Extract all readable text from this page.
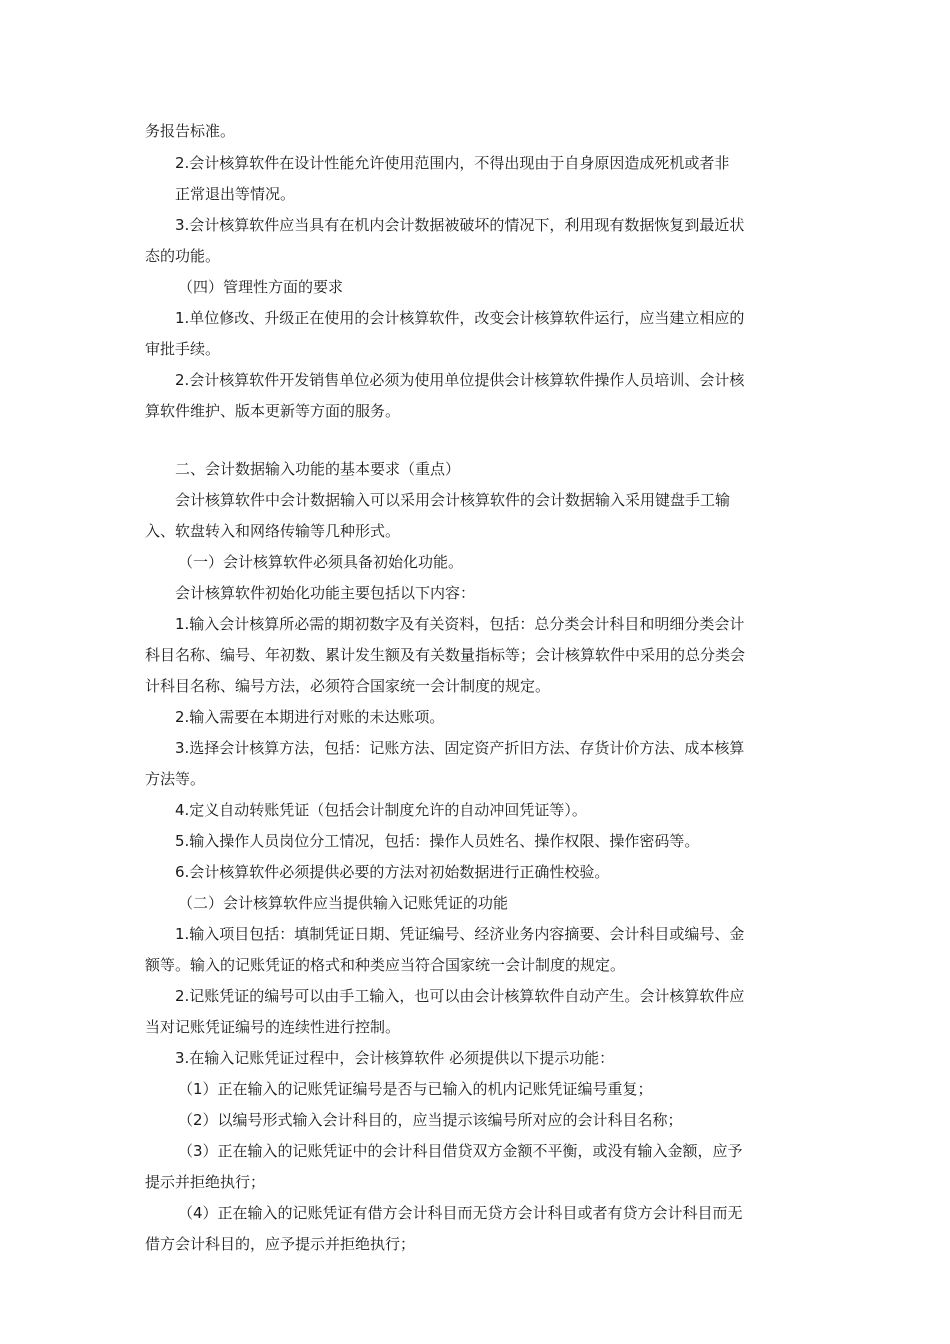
务报告标准。
2.会计核算软件在设计性能允许使用范围内，不得出现由于自身原因造成死机或者非
正常退出等情况。
3.会计核算软件应当具有在机内会计数据被破坏的情况下，利用现有数据恢复到最近状
态的功能。
（四）管理性方面的要求
1.单位修改、升级正在使用的会计核算软件，改变会计核算软件运行，应当建立相应的
审批手续。
2.会计核算软件开发销售单位必须为使用单位提供会计核算软件操作人员培训、会计核
算软件维护、版本更新等方面的服务。
二、会计数据输入功能的基本要求（重点）
会计核算软件中会计数据输入可以采用会计核算软件的会计数据输入采用键盘手工输
入、软盘转入和网络传输等几种形式。
（一）会计核算软件必须具备初始化功能。
会计核算软件初始化功能主要包括以下内容：
1.输入会计核算所必需的期初数字及有关资料，包括：总分类会计科目和明细分类会计
科目名称、编号、年初数、累计发生额及有关数量指标等；会计核算软件中采用的总分类会
计科目名称、编号方法，必须符合国家统一会计制度的规定。
2.输入需要在本期进行对账的未达账项。
3.选择会计核算方法，包括：记账方法、固定资产折旧方法、存货计价方法、成本核算
方法等。
4.定义自动转账凭证（包括会计制度允许的自动冲回凭证等）。
5.输入操作人员岗位分工情况，包括：操作人员姓名、操作权限、操作密码等。
6.会计核算软件必须提供必要的方法对初始数据进行正确性校验。
（二）会计核算软件应当提供输入记账凭证的功能
1.输入项目包括：填制凭证日期、凭证编号、经济业务内容摘要、会计科目或编号、金
额等。输入的记账凭证的格式和种类应当符合国家统一会计制度的规定。
2.记账凭证的编号可以由手工输入，也可以由会计核算软件自动产生。会计核算软件应
当对记账凭证编号的连续性进行控制。
3.在输入记账凭证过程中，会计核算软件 必须提供以下提示功能：
（1）正在输入的记账凭证编号是否与已输入的机内记账凭证编号重复；
（2）以编号形式输入会计科目的，应当提示该编号所对应的会计科目名称；
（3）正在输入的记账凭证中的会计科目借贷双方金额不平衡，或没有输入金额，应予
提示并拒绝执行；
（4）正在输入的记账凭证有借方会计科目而无贷方会计科目或者有贷方会计科目而无
借方会计科目的，应予提示并拒绝执行；
